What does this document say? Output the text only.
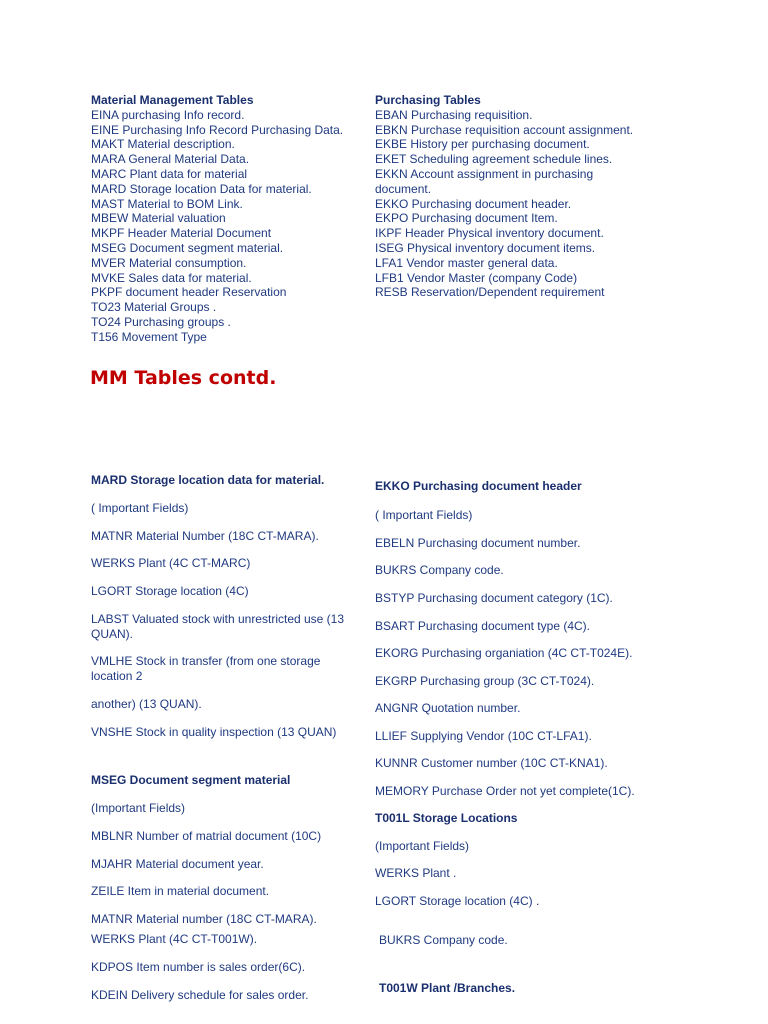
Material Management Tables
EINA purchasing Info record.
EINE Purchasing Info Record Purchasing Data.
MAKT Material description.
MARA General Material Data.
MARC Plant data for material
MARD Storage location Data for material.
MAST Material to BOM Link.
MBEW Material valuation
MKPF Header Material Document
MSEG Document segment material.
MVER Material consumption.
MVKE Sales data for material.
PKPF document header Reservation
TO23 Material Groups .
TO24 Purchasing groups .
T156 Movement Type
Purchasing Tables
EBAN Purchasing requisition.
EBKN Purchase requisition account assignment.
EKBE History per purchasing document.
EKET Scheduling agreement schedule lines.
EKKN Account assignment in purchasing document.
EKKO Purchasing document header.
EKPO Purchasing document Item.
IKPF Header Physical inventory document.
ISEG Physical inventory document items.
LFA1 Vendor master general data.
LFB1 Vendor Master (company Code)
RESB Reservation/Dependent requirement
MM Tables contd.
MARD Storage location data for material.
( Important Fields)
MATNR Material Number (18C CT-MARA).
WERKS Plant (4C CT-MARC)
LGORT Storage location (4C)
LABST Valuated stock with unrestricted use (13 QUAN).
VMLHE Stock in transfer (from one storage location 2
another) (13 QUAN).
VNSHE Stock in quality inspection (13 QUAN)
MSEG Document segment material
(Important Fields)
MBLNR Number of matrial document (10C)
MJAHR Material document year.
ZEILE Item in material document.
MATNR Material number (18C CT-MARA).
WERKS Plant (4C CT-T001W).
KDPOS Item number is sales order(6C).
KDEIN Delivery schedule for sales order.
EKKO Purchasing document header
( Important Fields)
EBELN Purchasing document number.
BUKRS Company code.
BSTYP Purchasing document category (1C).
BSART Purchasing document type (4C).
EKORG Purchasing organiation (4C CT-T024E).
EKGRP Purchasing group (3C CT-T024).
ANGNR Quotation number.
LLIEF Supplying Vendor (10C CT-LFA1).
KUNNR Customer number (10C CT-KNA1).
MEMORY Purchase Order not yet complete(1C).
T001L Storage Locations
(Important Fields)
WERKS Plant .
LGORT Storage location (4C) .
BUKRS Company code.
T001W Plant /Branches.
